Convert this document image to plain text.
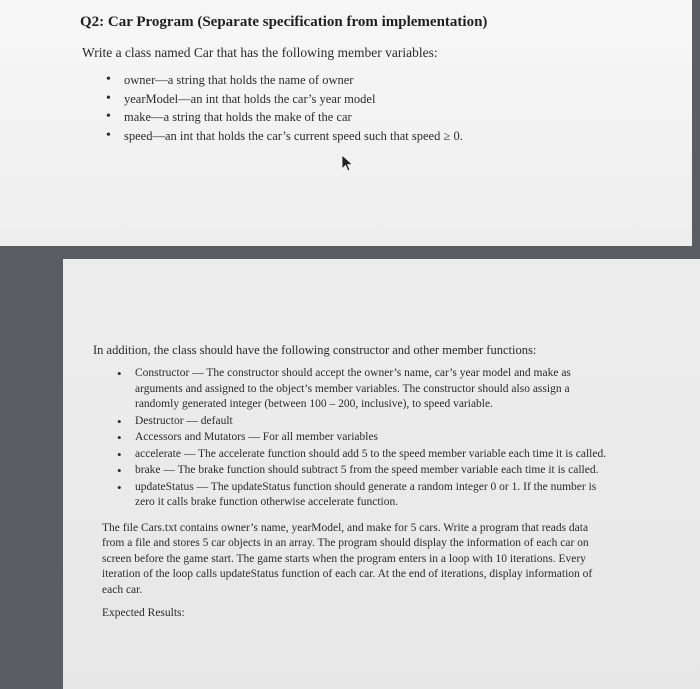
Q2: Car Program (Separate specification from implementation)
Write a class named Car that has the following member variables:
• owner—a string that holds the name of owner
• yearModel—an int that holds the car’s year model
• make—a string that holds the make of the car
• speed—an int that holds the car’s current speed such that speed ≥ 0.
In addition, the class should have the following constructor and other member functions:
• Constructor — The constructor should accept the owner’s name, car’s year model and make as arguments and assigned to the object’s member variables. The constructor should also assign a randomly generated integer (between 100 – 200, inclusive), to speed variable.
• Destructor — default
• Accessors and Mutators — For all member variables
• accelerate — The accelerate function should add 5 to the speed member variable each time it is called.
• brake — The brake function should subtract 5 from the speed member variable each time it is called.
• updateStatus — The updateStatus function should generate a random integer 0 or 1. If the number is zero it calls brake function otherwise accelerate function.
The file Cars.txt contains owner’s name, yearModel, and make for 5 cars. Write a program that reads data from a file and stores 5 car objects in an array. The program should display the information of each car on screen before the game start. The game starts when the program enters in a loop with 10 iterations. Every iteration of the loop calls updateStatus function of each car. At the end of iterations, display information of each car.
Expected Results:
